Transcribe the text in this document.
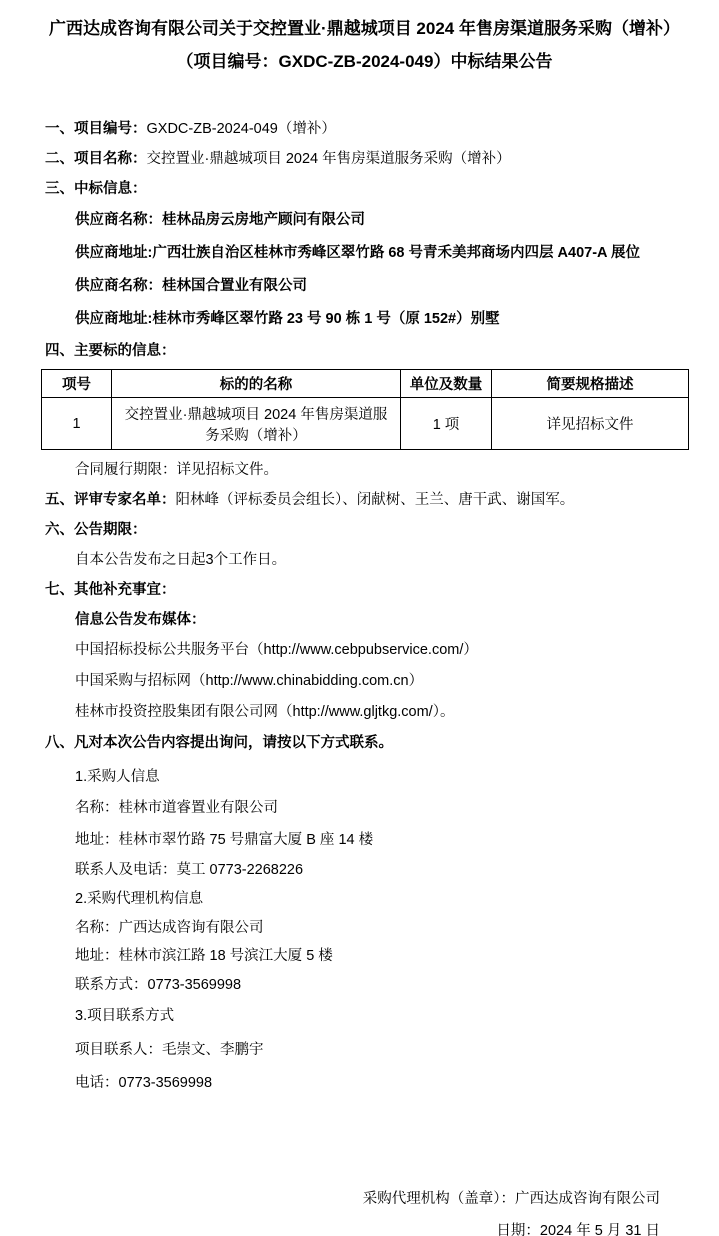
广西达成咨询有限公司关于交控置业·鼎越城项目 2024 年售房渠道服务采购（增补）
（项目编号：GXDC-ZB-2024-049）中标结果公告

一、项目编号：GXDC-ZB-2024-049（增补）

二、项目名称：交控置业·鼎越城项目 2024 年售房渠道服务采购（增补）

三、中标信息：

供应商名称：桂林品房云房地产顾问有限公司

供应商地址:广西壮族自治区桂林市秀峰区翠竹路 68 号青禾美邦商场内四层 A407-A 展位

供应商名称：桂林国合置业有限公司

供应商地址:桂林市秀峰区翠竹路 23 号 90 栋 1 号（原 152#）别墅

四、主要标的信息：

项号	标的的名称	单位及数量	简要规格描述
1	交控置业·鼎越城项目 2024 年售房渠道服务采购（增补）	1 项	详见招标文件

合同履行期限：详见招标文件。

五、评审专家名单：阳林峰（评标委员会组长）、闭献树、王兰、唐干武、谢国军。

六、公告期限：

自本公告发布之日起3个工作日。

七、其他补充事宜：

信息公告发布媒体：

中国招标投标公共服务平台（http://www.cebpubservice.com/）

中国采购与招标网（http://www.chinabidding.com.cn）

桂林市投资控股集团有限公司网（http://www.gljtkg.com/）。

八、凡对本次公告内容提出询问，请按以下方式联系。

1.采购人信息

名称：桂林市道睿置业有限公司

地址：桂林市翠竹路 75 号鼎富大厦 B 座 14 楼

联系人及电话：莫工 0773-2268226

2.采购代理机构信息

名称：广西达成咨询有限公司

地址：桂林市滨江路 18 号滨江大厦 5 楼

联系方式：0773-3569998

3.项目联系方式

项目联系人：毛崇文、李鹏宇

电话：0773-3569998

采购代理机构（盖章）：广西达成咨询有限公司

日期：2024 年 5 月 31 日
